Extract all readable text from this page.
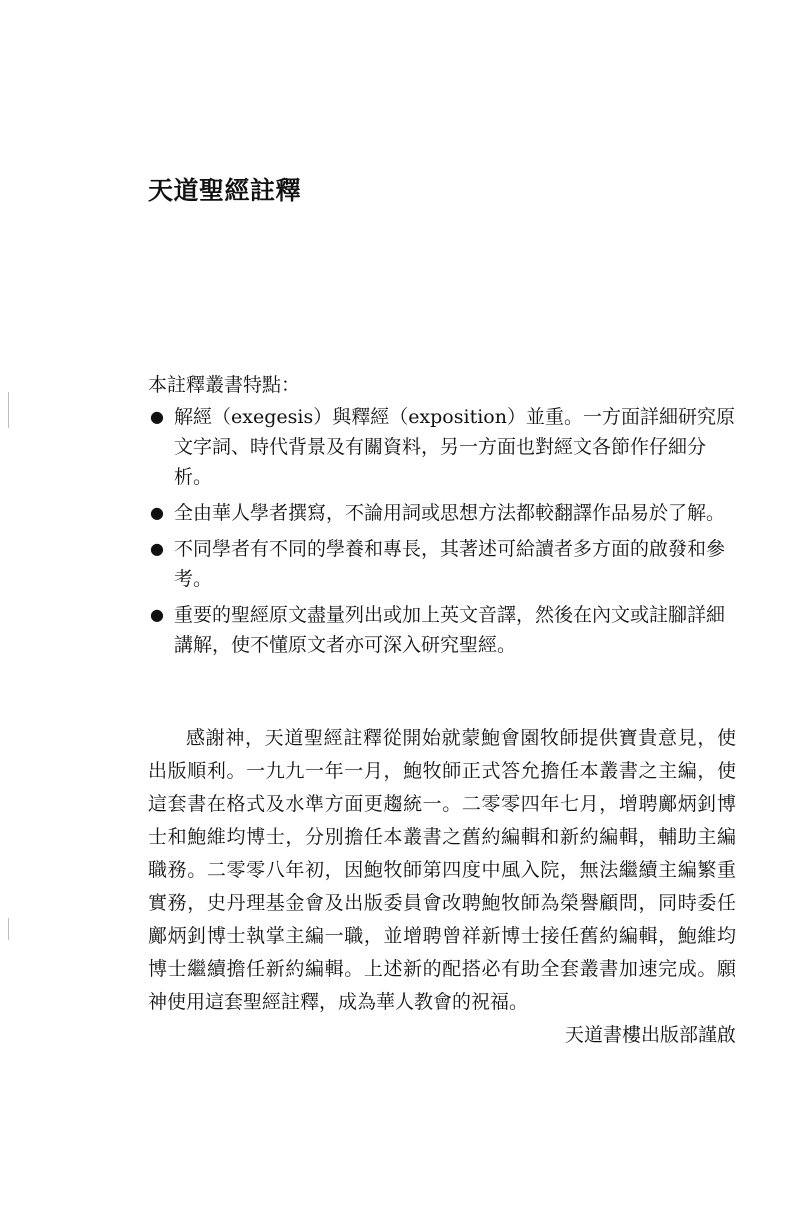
天道聖經註釋

本註釋叢書特點：

● 解經（exegesis）與釋經（exposition）並重。一方面詳細研究原文字詞、時代背景及有關資料，另一方面也對經文各節作仔細分析。
● 全由華人學者撰寫，不論用詞或思想方法都較翻譯作品易於了解。
● 不同學者有不同的學養和專長，其著述可給讀者多方面的啟發和參考。
● 重要的聖經原文盡量列出或加上英文音譯，然後在內文或註腳詳細講解，使不懂原文者亦可深入研究聖經。

感謝神，天道聖經註釋從開始就蒙鮑會園牧師提供寶貴意見，使出版順利。一九九一年一月，鮑牧師正式答允擔任本叢書之主編，使這套書在格式及水準方面更趨統一。二零零四年七月，增聘鄺炳釗博士和鮑維均博士，分別擔任本叢書之舊約編輯和新約編輯，輔助主編職務。二零零八年初，因鮑牧師第四度中風入院，無法繼續主編繁重實務，史丹理基金會及出版委員會改聘鮑牧師為榮譽顧問，同時委任鄺炳釗博士執掌主編一職，並增聘曾祥新博士接任舊約編輯，鮑維均博士繼續擔任新約編輯。上述新的配搭必有助全套叢書加速完成。願神使用這套聖經註釋，成為華人教會的祝福。

天道書樓出版部謹啟
